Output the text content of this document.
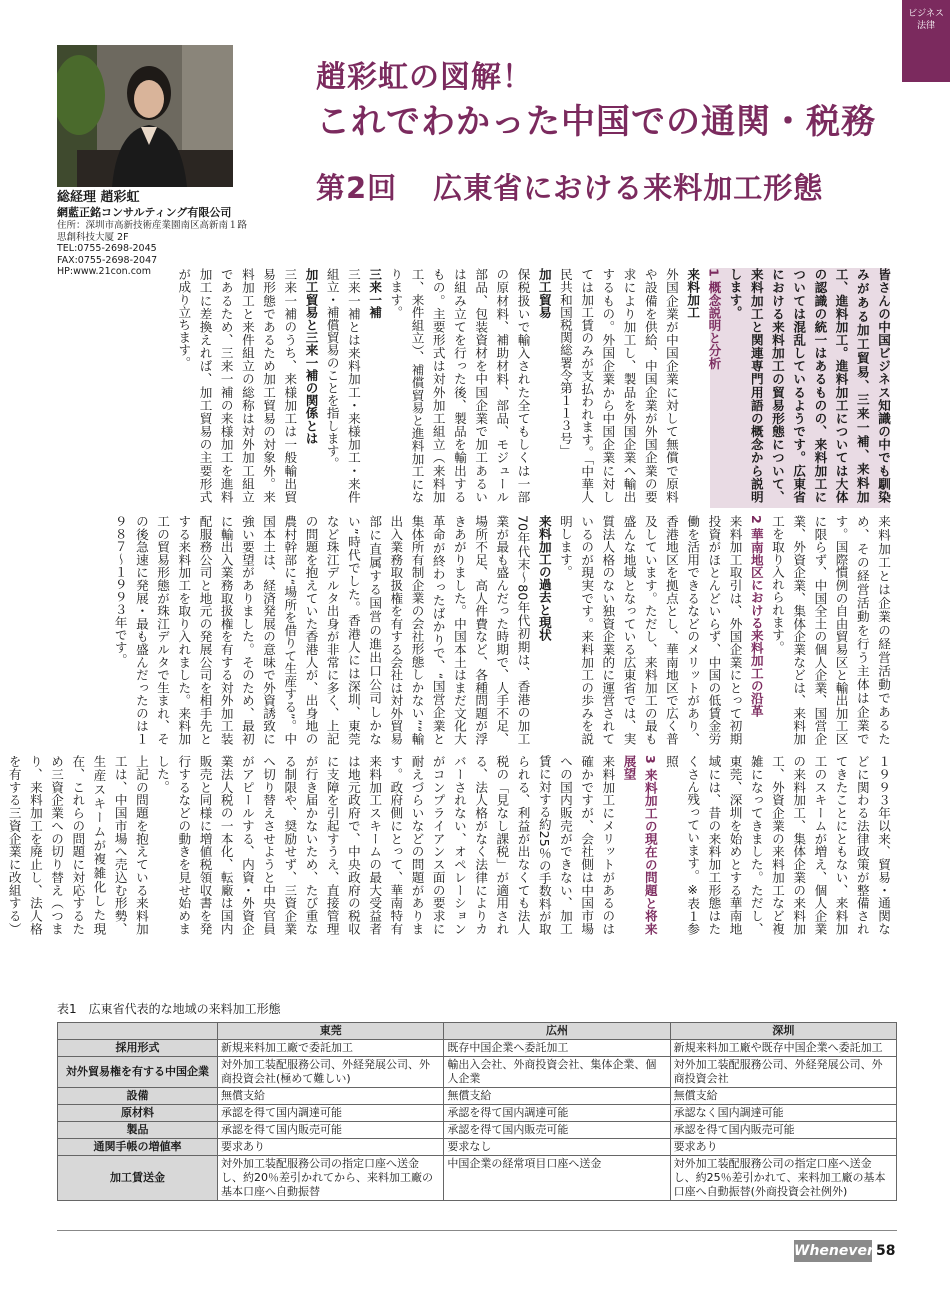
ビジネス
法律
総経理 趙彩虹
網藍正銘コンサルティング有限公司
住所：深圳市高新技術産業園南区高新南１路
思創科技大厦 2F
TEL:0755-2698-2045
FAX:0755-2698-2047
HP:www.21con.com
趙彩虹の図解！
これでわかった中国での通関・税務
第2回 広東省における来料加工形態

皆さんの中国ビジネス知識の中でも馴染みがある加工貿易、三来一補、来料加工、進料加工。進料加工については大体の認識の統一はあるものの、来料加工については混乱しているようです。広東省における来料加工の貿易形態について、来料加工と関連専門用語の概念から説明します。

1 概念説明と分析

来料加工

外国企業が中国企業に対して無償で原料や設備を供給、中国企業が外国企業の要求により加工し、製品を外国企業へ輸出するもの。外国企業から中国企業に対しては加工賃のみが支払われます。「中華人民共和国税関総署令第１１３号」

加工貿易

保税扱いで輸入された全てもしくは一部の原材料、補助材料、部品、モジュール部品、包装資材を中国企業で加工あるいは組み立てを行った後、製品を輸出するもの。主要形式は対外加工組立（来料加工、来件組立）、補償貿易と進料加工になります。

三来一補

三来一補とは来料加工・来様加工・来件組立・補償貿易のことを指します。

加工貿易と三来一補の関係とは

三来一補のうち、来様加工は一般輸出貿易形態であるため加工貿易の対象外。来料加工と来件組立の総称は対外加工組立であるため、三来一補の来様加工を進料加工に差換えれば、加工貿易の主要形式が成り立ちます。

来料加工とは企業の経営活動であるため、その経営活動を行う主体は企業です。国際慣例の自由貿易区と輸出加工区に限らず、中国全土の個人企業、国営企業、外資企業、集体企業などは、来料加工を取り入れられます。

2 華南地区における来料加工の沿革

来料加工取引は、外国企業にとって初期投資がほとんどいらず、中国の低賃金労働を活用できるなどのメリットがあり、香港地区を拠点とし、華南地区で広く普及しています。ただし、来料加工の最も盛んな地域となっている広東省では、実質法人格のない独資企業的に運営されているのが現実です。来料加工の歩みを説明します。

来料加工の過去と現状

70年代末〜80年代初期は、香港の加工業が最も盛んだった時期で、人手不足、場所不足、高人件費など、各種問題が浮きあがりました。中国本土はまだ文化大革命が終わったばかりで、“国営企業と集体所有制企業の会社形態しかない”“輸出入業務取扱権を有する会社は対外貿易部に直属する国営の進出口公司しかない”時代でした。香港人には深圳、東莞など珠江デルタ出身が非常に多く、上記の問題を抱えていた香港人が、出身地の農村幹部に“場所を借りて生産する”。中国本土は、経済発展の意味で外資誘致に強い要望がありました。そのため、最初に輸出入業務取扱権を有する対外加工装配服務公司と地元の発展公司を相手先とする来料加工を取り入れました。来料加工の貿易形態が珠江デルタで生まれ、その後急速に発展・最も盛んだったのは１９８７〜１９９３年です。

１９９３年以来、貿易・通関などに関わる法律政策が整備されてきたことにともない、来料加工のスキームが増え、個人企業の来料加工、集体企業の来料加工、外資企業の来料加工など複雑になってきました。ただし、東莞、深圳を始めとする華南地域には、昔の来料加工形態はたくさん残っています。※表１参照

3 来料加工の現在の問題と将来展望

来料加工にメリットがあるのは確かですが、会社側は中国市場への国内販売ができない、加工賃に対する約25％の手数料が取られる、利益が出なくても法人税の「見なし課税」が適用される、法人格がなく法律によりカバーされない、オペレーションがコンプライアンス面の要求に耐えづらいなどの問題があります。政府側にとって、華南特有来料加工スキームの最大受益者は地元政府で、中央政府の税収に支障を引起すうえ、直接管理が行き届かないため、たび重なる制限や、奨励せず、三資企業へ切り替えさせようと中央官員がアピールする、内資・外資企業法人税の一本化、転廠は国内販売と同様に増値税領収書を発行するなどの動きを見せ始めました。

上記の問題を抱えている来料加工は、中国市場へ売込む形勢、生産スキームが複雑化した現在、これらの問題に対応するため三資企業への切り替え（つまり、来料加工を廃止し、法人格を有する三資企業に改組する）

表1　広東省代表的な地域の来料加工形態
	東莞	広州	深圳
採用形式	新規来料加工廠で委託加工	既存中国企業へ委託加工	新規来料加工廠や既存中国企業へ委託加工
対外貿易権を有する中国企業	対外加工装配服務公司、外経発展公司、外商投資会社(極めて難しい)	輸出入会社、外商投資会社、集体企業、個人企業	対外加工装配服務公司、外経発展公司、外商投資会社
設備	無償支給	無償支給	無償支給
原材料	承認を得て国内調達可能	承認を得て国内調達可能	承認なく国内調達可能
製品	承認を得て国内販売可能	承認を得て国内販売可能	承認を得て国内販売可能
通関手帳の増値率	要求あり	要求なし	要求あり
加工賃送金	対外加工装配服務公司の指定口座へ送金し、約20％差引かれてから、来料加工廠の基本口座へ自動振替	中国企業の経常項目口座へ送金	対外加工装配服務公司の指定口座へ送金し、約25％差引かれて、来料加工廠の基本口座へ自動振替(外商投資会社例外)
Whenever 58
